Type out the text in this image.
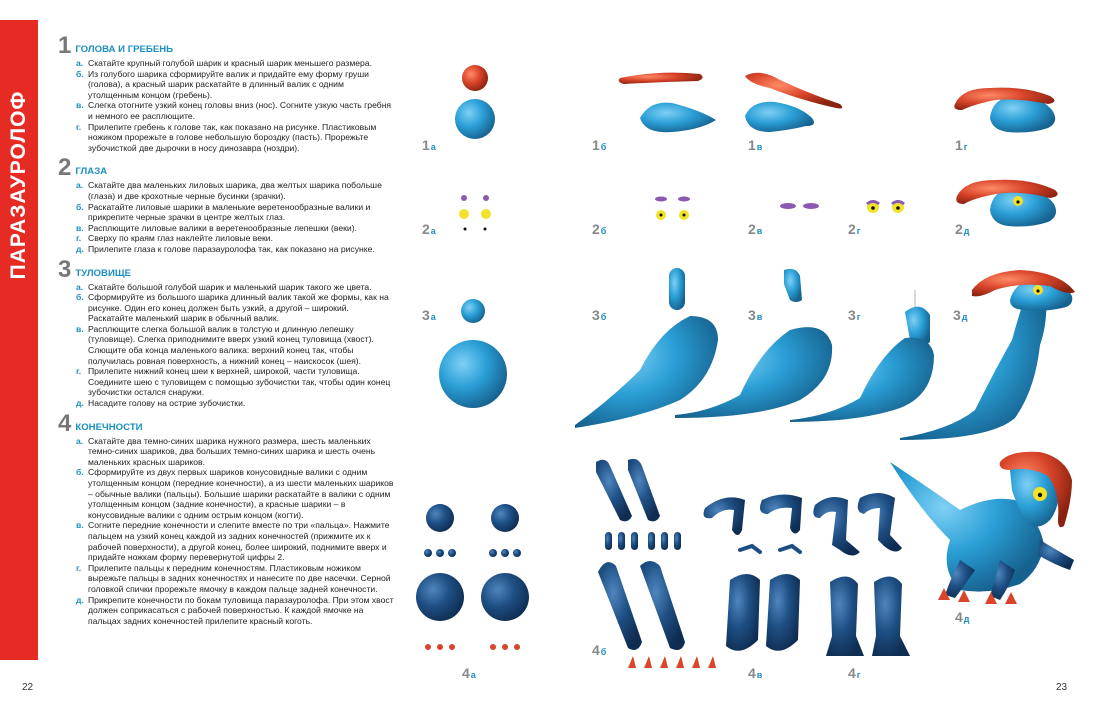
ПАРАЗАУРОЛОФ
1 ГОЛОВА И ГРЕБЕНЬ
а. Скатайте крупный голубой шарик и красный шарик меньшего размера.
б. Из голубого шарика сформируйте валик и придайте ему форму груши (голова), а красный шарик раскатайте в длинный валик с одним утолщенным концом (гребень).
в. Слегка отогните узкий конец головы вниз (нос). Согните узкую часть гребня и немного ее расплющите.
г. Прилепите гребень к голове так, как показано на рисунке. Пластиковым ножиком прорежьте в голове небольшую бороздку (пасть). Прорежьте зубочисткой две дырочки в носу динозавра (ноздри).
2 ГЛАЗА
а. Скатайте два маленьких лиловых шарика, два желтых шарика побольше (глаза) и две крохотные черные бусинки (зрачки).
б. Раскатайте лиловые шарики в маленькие веретенообразные валики и прикрепите черные зрачки в центре желтых глаз.
в. Расплющите лиловые валики в веретенообразные лепешки (веки).
г. Сверху по краям глаз наклейте лиловые веки.
д. Прилепите глаза к голове паразауролофа так, как показано на рисунке.
3 ТУЛОВИЩЕ
а. Скатайте большой голубой шарик и маленький шарик такого же цвета.
б. Сформируйте из большого шарика длинный валик такой же формы, как на рисунке. Один его конец должен быть узкий, а другой – широкий. Раскатайте маленький шарик в обычный валик.
в. Расплющите слегка большой валик в толстую и длинную лепешку (туловище). Слегка приподнимите вверх узкий конец туловища (хвост). Слющите оба конца маленького валика: верхний конец так, чтобы получилась ровная поверхность, а нижний конец – наискосок (шея).
г. Прилепите нижний конец шеи к верхней, широкой, части туловища. Соедините шею с туловищем с помощью зубочистки так, чтобы один конец зубочистки остался снаружи.
д. Насадите голову на острие зубочистки.
4 КОНЕЧНОСТИ
а. Скатайте два темно-синих шарика нужного размера, шесть маленьких темно-синих шариков, два больших темно-синих шарика и шесть очень маленьких красных шариков.
б. Сформируйте из двух первых шариков конусовидные валики с одним утолщенным концом (передние конечности), а из шести маленьких шариков – обычные валики (пальцы). Большие шарики раскатайте в валики с одним утолщенным концом (задние конечности), а красные шарики – в конусовидные валики с одним острым концом (когти).
в. Согните передние конечности и слепите вместе по три «пальца». Нажмите пальцем на узкий конец каждой из задних конечностей (прижмите их к рабочей поверхности), а другой конец, более широкий, поднимите вверх и придайте ножкам форму перевернутой цифры 2.
г. Прилепите пальцы к передним конечностям. Пластиковым ножиком вырежьте пальцы в задних конечностях и нанесите по две насечки. Серной головкой спички прорежьте ямочку в каждом пальце задней конечности.
д. Прикрепите конечности по бокам туловища паразауролофа. При этом хвост должен соприкасаться с рабочей поверхностью. К каждой ямочке на пальцах задних конечностей прилепите красный коготь.
22	23
1а	1б	1в	1г
2а	2б	2в	2г	2д
3а	3б	3в	3г	3д
4а
4б
4в	4г
4д
